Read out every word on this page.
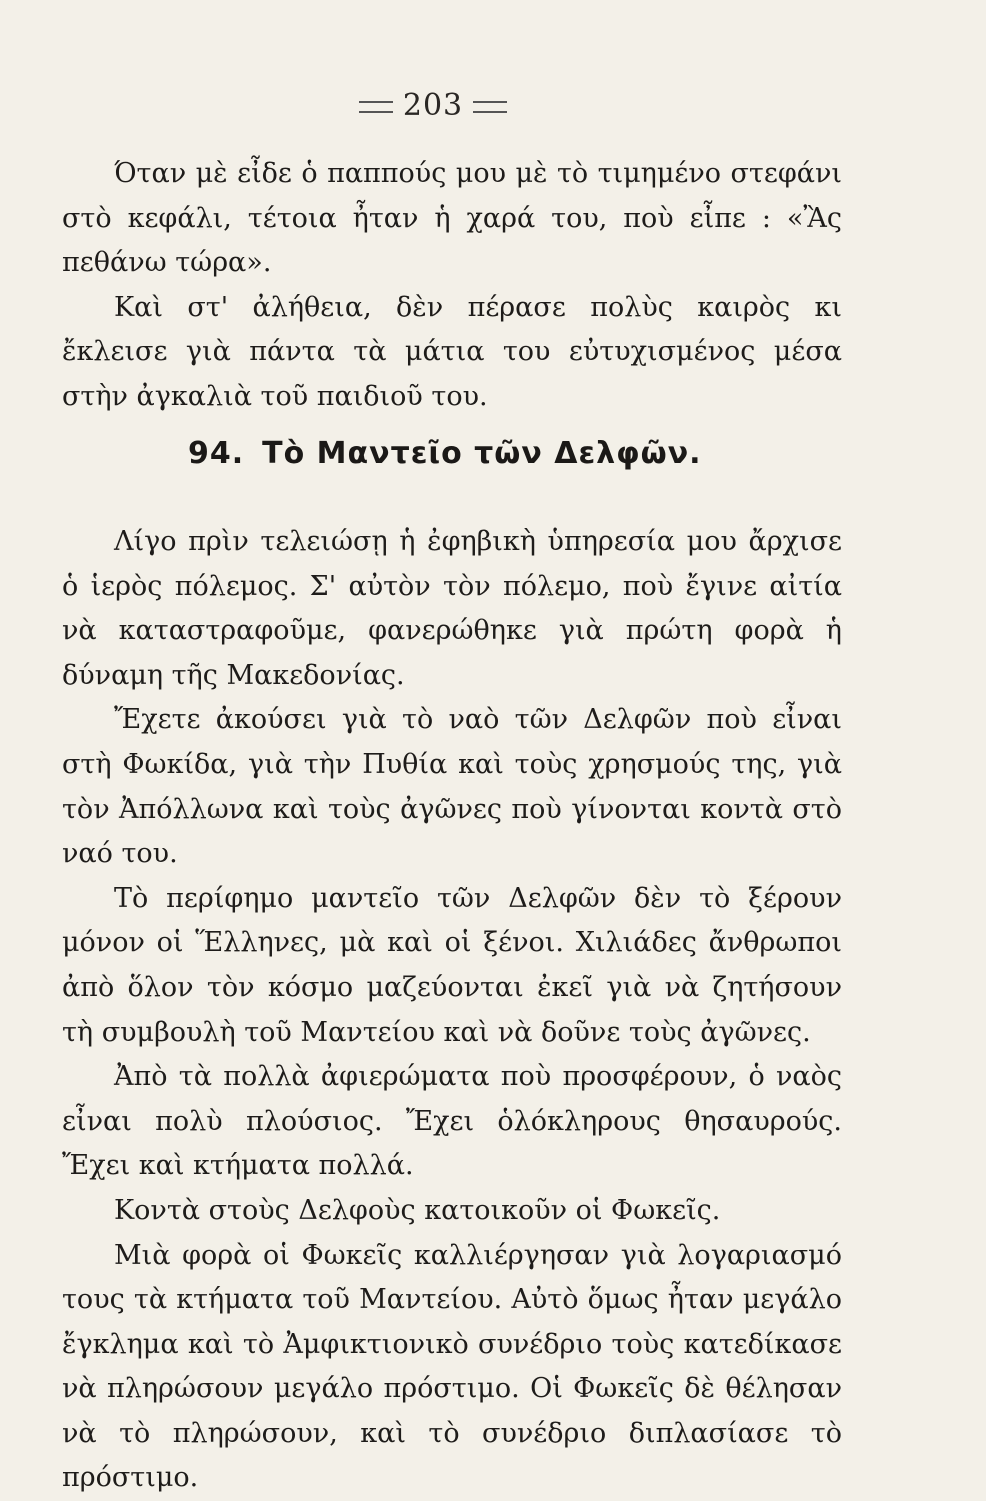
203

Όταν μὲ εἶδε ὁ παππούς μου μὲ τὸ τιμημένο στεφάνι στὸ κεφάλι, τέτοια ἦταν ἡ χαρά του, ποὺ εἶπε : «Ἂς πεθάνω τώρα».

Καὶ στ' ἀλήθεια, δὲν πέρασε πολὺς καιρὸς κι ἔκλεισε γιὰ πάντα τὰ μάτια του εὐτυχισμένος μέσα στὴν ἀγκαλιὰ τοῦ παιδιοῦ του.

94. Τὸ Μαντεῖο τῶν Δελφῶν.

Λίγο πρὶν τελειώσῃ ἡ ἐφηβικὴ ὑπηρεσία μου ἄρχισε ὁ ἱερὸς πόλεμος. Σ' αὐτὸν τὸν πόλεμο, ποὺ ἔγινε αἰτία νὰ καταστραφοῦμε, φανερώθηκε γιὰ πρώτη φορὰ ἡ δύναμη τῆς Μακεδονίας.

Ἔχετε ἀκούσει γιὰ τὸ ναὸ τῶν Δελφῶν ποὺ εἶναι στὴ Φωκίδα, γιὰ τὴν Πυθία καὶ τοὺς χρησμούς της, γιὰ τὸν Ἀπόλλωνα καὶ τοὺς ἀγῶνες ποὺ γίνονται κοντὰ στὸ ναό του.

Τὸ περίφημο μαντεῖο τῶν Δελφῶν δὲν τὸ ξέρουν μόνον οἱ Ἕλληνες, μὰ καὶ οἱ ξένοι. Χιλιάδες ἄνθρωποι ἀπὸ ὅλον τὸν κόσμο μαζεύονται ἐκεῖ γιὰ νὰ ζητήσουν τὴ συμβουλὴ τοῦ Μαντείου καὶ νὰ δοῦνε τοὺς ἀγῶνες.

Ἀπὸ τὰ πολλὰ ἀφιερώματα ποὺ προσφέρουν, ὁ ναὸς εἶναι πολὺ πλούσιος. Ἔχει ὁλόκληρους θησαυρούς. Ἔχει καὶ κτήματα πολλά.

Κοντὰ στοὺς Δελφοὺς κατοικοῦν οἱ Φωκεῖς.

Μιὰ φορὰ οἱ Φωκεῖς καλλιέργησαν γιὰ λογαριασμό τους τὰ κτήματα τοῦ Μαντείου. Αὐτὸ ὅμως ἦταν μεγάλο ἔγκλημα καὶ τὸ Ἀμφικτιονικὸ συνέδριο τοὺς κατεδίκασε νὰ πληρώσουν μεγάλο πρόστιμο. Οἱ Φωκεῖς δὲ θέλησαν νὰ τὸ πληρώσουν, καὶ τὸ συνέδριο διπλασίασε τὸ πρόστιμο.
